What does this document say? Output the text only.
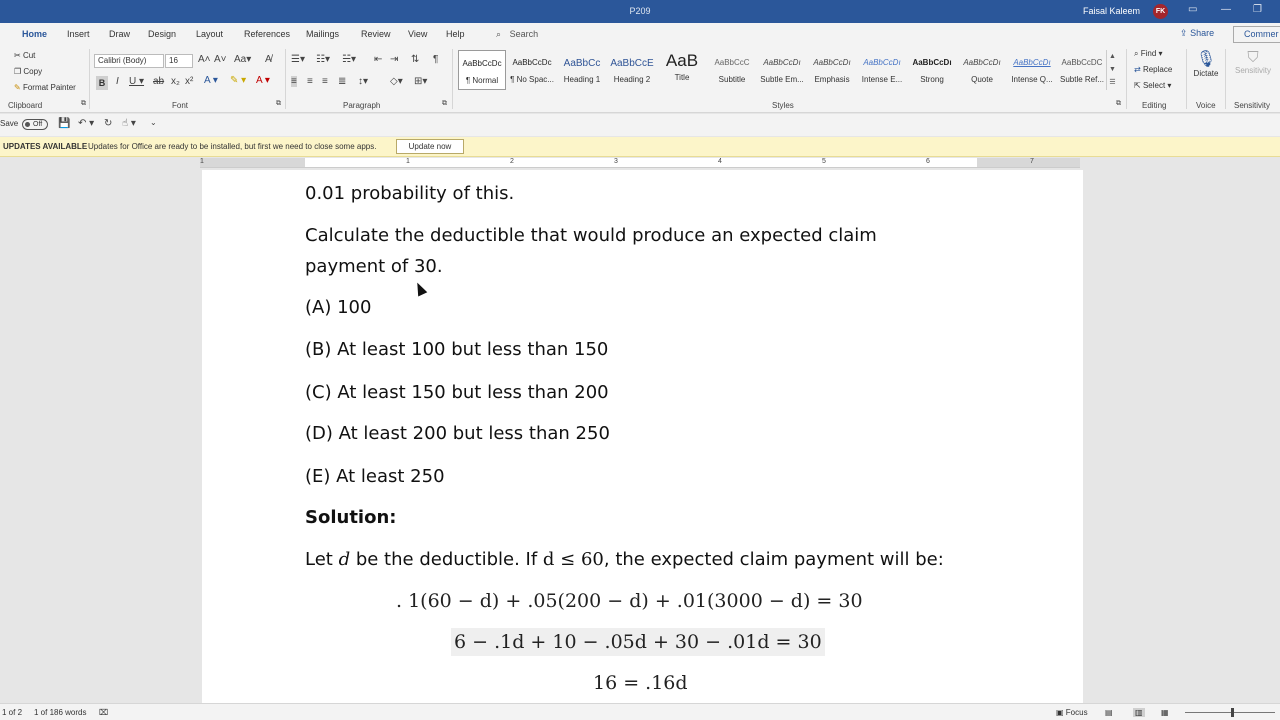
P209	Faisal Kaleem	FK ▭ — ❐
Home Insert Draw Design Layout References Mailings Review View Help	⌕ Search	⇪ Share	Commer
✂ Cut
❐ Copy
✎ Format Painter
Clipboard	⧉
Calibri (Body)	16	A˄ A˅ Aa▾ A̸
B I U ▾ ab x₂ x² A ▾ ✎ ▾ A ▾
Font	⧉
☰▾ ☷▾ ☵▾ ⇤ ⇥ ⇅ ¶
≡ ≡ ≡ ≣ ↕▾ ◇▾ ⊞▾
Paragraph	⧉
AaBbCcDc
¶ Normal
AaBbCcDc
¶ No Spac...
AaBbCc
Heading 1
AaBbCcE
Heading 2
AaB
Title
AaBbCcC
Subtitle
AaBbCcDı
Subtle Em...
AaBbCcDı
Emphasis
AaBbCcDı
Intense E...
AaBbCcDı
Strong
AaBbCcDı
Quote
AaBbCcDı
Intense Q...
AaBbCcDC
Subtle Ref...
▲
▼
☰
Styles	⧉
⌕ Find ▾
⇄ Replace
⇱ Select ▾
Editing
🎙
Dictate
Voice
⛉
Sensitivity
Sensitivity
Save	Off	💾 ↶ ▾ ↻ ☝ ▾ ⌄
UPDATES AVAILABLE Updates for Office are ready to be installed, but first we need to close some apps.	Update now
1	1	2	3	4	5	6	7
0.01 probability of this.
Calculate the deductible that would produce an expected claim
payment of 30.
(A) 100
(B) At least 100 but less than 150
(C) At least 150 but less than 200
(D) At least 200 but less than 250
(E) At least 250
Solution:
Let d be the deductible. If d ≤ 60, the expected claim payment will be:
. 1(60 − d) + .05(200 − d) + .01(3000 − d) = 30
6 − .1d + 10 − .05d + 30 − .01d = 30
16 = .16d
1 of 2 1 of 186 words ⌧	▣ Focus ▤	▥ ▦
